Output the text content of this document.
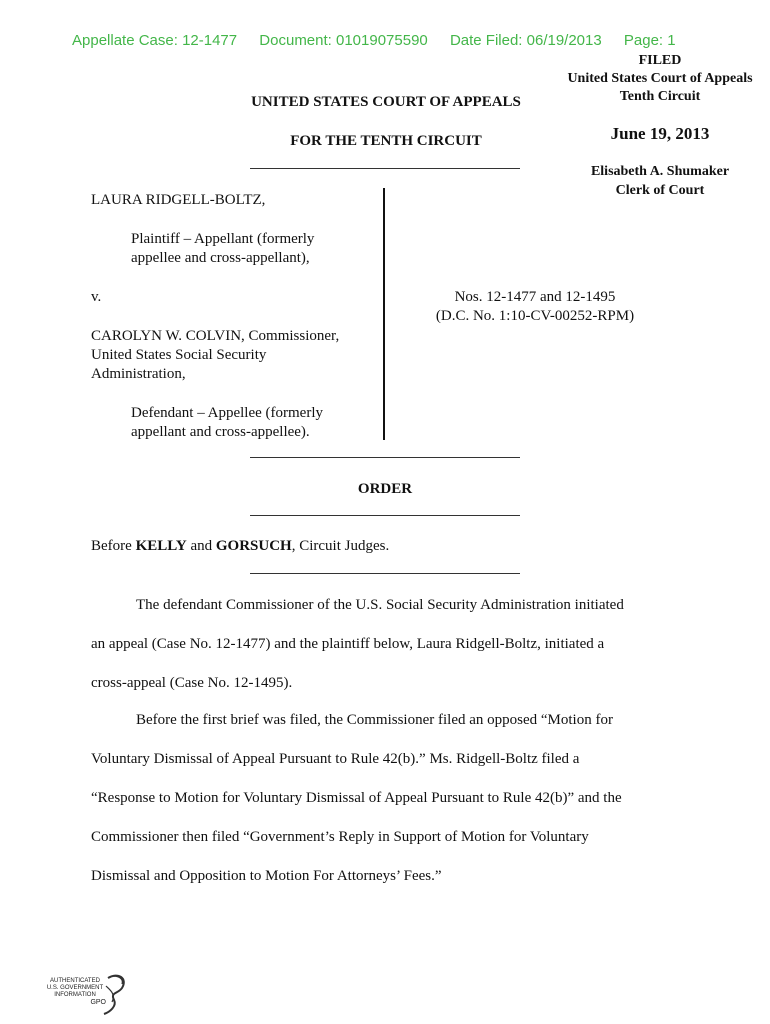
Appellate Case: 12-1477 Document: 01019075590 Date Filed: 06/19/2013 Page: 1
FILED
United States Court of Appeals
Tenth Circuit
June 19, 2013
Elisabeth A. Shumaker
Clerk of Court
UNITED STATES COURT OF APPEALS
FOR THE TENTH CIRCUIT
LAURA RIDGELL-BOLTZ,
Plaintiff – Appellant (formerly
appellee and cross-appellant),
v.
CAROLYN W. COLVIN, Commissioner,
United States Social Security
Administration,
Defendant – Appellee (formerly
appellant and cross-appellee).
Nos. 12-1477 and 12-1495
(D.C. No. 1:10-CV-00252-RPM)
ORDER
Before KELLY and GORSUCH, Circuit Judges.
The defendant Commissioner of the U.S. Social Security Administration initiated
an appeal (Case No. 12-1477) and the plaintiff below, Laura Ridgell-Boltz, initiated a
cross-appeal (Case No. 12-1495).
Before the first brief was filed, the Commissioner filed an opposed “Motion for
Voluntary Dismissal of Appeal Pursuant to Rule 42(b).” Ms. Ridgell-Boltz filed a
“Response to Motion for Voluntary Dismissal of Appeal Pursuant to Rule 42(b)” and the
Commissioner then filed “Government’s Reply in Support of Motion for Voluntary
Dismissal and Opposition to Motion For Attorneys’ Fees.”
AUTHENTICATED
U.S. GOVERNMENT
INFORMATION
GPO
